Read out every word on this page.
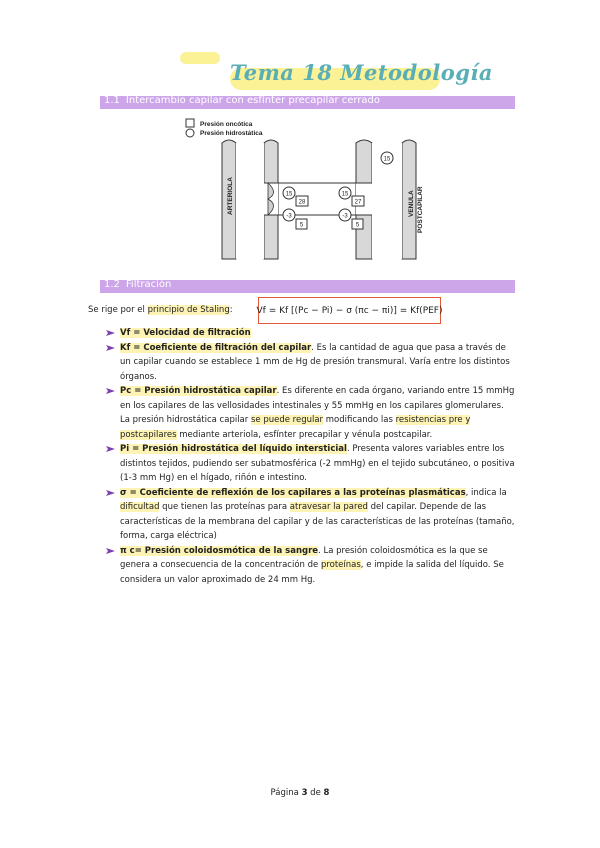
Tema 18 Metodología
1.1 Intercambio capilar con esfínter precapilar cerrado
Presión oncótica
Presión hidrostática
ARTERIOLA	VENULA POSTCAPILAR
15
15
28
15
27
-3
5
-3
5
1.2 Filtración
Se rige por el principio de Staling:	Vf = Kf [(Pc − Pi) − σ (πc − πi)] = Kf(PEF)

Vf = Velocidad de filtración

Kf = Coeficiente de filtración del capilar. Es la cantidad de agua que pasa a través de un capilar cuando se establece 1 mm de Hg de presión transmural. Varía entre los distintos órganos.

Pc = Presión hidrostática capilar. Es diferente en cada órgano, variando entre 15 mmHg en los capilares de las vellosidades intestinales y 55 mmHg en los capilares glomerulares. La presión hidrostática capilar se puede regular modificando las resistencias pre y postcapilares mediante arteriola, esfínter precapilar y vénula postcapilar.

Pi = Presión hidrostática del líquido intersticial. Presenta valores variables entre los distintos tejidos, pudiendo ser subatmosférica (-2 mmHg) en el tejido subcutáneo, o positiva (1-3 mm Hg) en el hígado, riñón e intestino.

σ = Coeficiente de reflexión de los capilares a las proteínas plasmáticas, indica la dificultad que tienen las proteínas para atravesar la pared del capilar. Depende de las características de la membrana del capilar y de las características de las proteínas (tamaño, forma, carga eléctrica)

π c= Presión coloidosmótica de la sangre. La presión coloidosmótica es la que se genera a consecuencia de la concentración de proteínas, e impide la salida del líquido. Se considera un valor aproximado de 24 mm Hg.

Página 3 de 8
